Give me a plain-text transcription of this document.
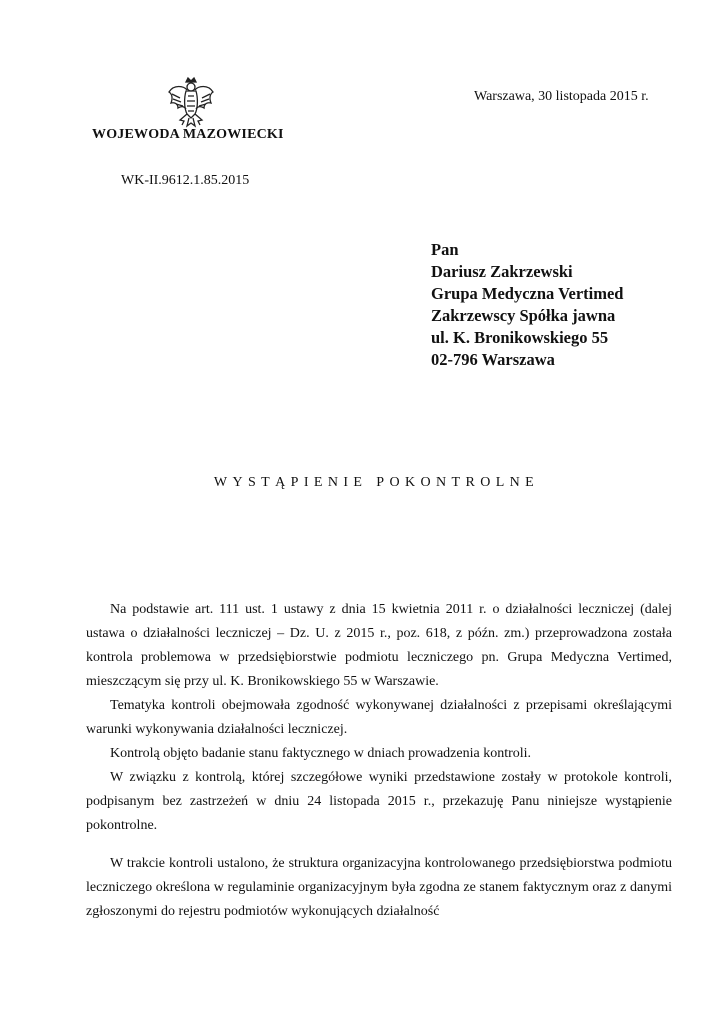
WOJEWODA MAZOWIECKI
WK-II.9612.1.85.2015
Warszawa, 30 listopada 2015 r.
Pan
Dariusz Zakrzewski
Grupa Medyczna Vertimed
Zakrzewscy Spółka jawna
ul. K. Bronikowskiego 55
02-796 Warszawa
WYSTĄPIENIE POKONTROLNE

Na podstawie art. 111 ust. 1 ustawy z dnia 15 kwietnia 2011 r. o działalności leczniczej (dalej ustawa o działalności leczniczej – Dz. U. z 2015 r., poz. 618, z późn. zm.) przeprowadzona została kontrola problemowa w przedsiębiorstwie podmiotu leczniczego pn. Grupa Medyczna Vertimed, mieszczącym się przy ul. K. Bronikowskiego 55 w Warszawie.

Tematyka kontroli obejmowała zgodność wykonywanej działalności z przepisami określającymi warunki wykonywania działalności leczniczej.

Kontrolą objęto badanie stanu faktycznego w dniach prowadzenia kontroli.

W związku z kontrolą, której szczegółowe wyniki przedstawione zostały w protokole kontroli, podpisanym bez zastrzeżeń w dniu 24 listopada 2015 r., przekazuję Panu niniejsze wystąpienie pokontrolne.

W trakcie kontroli ustalono, że struktura organizacyjna kontrolowanego przedsiębiorstwa podmiotu leczniczego określona w regulaminie organizacyjnym była zgodna ze stanem faktycznym oraz z danymi zgłoszonymi do rejestru podmiotów wykonujących działalność
